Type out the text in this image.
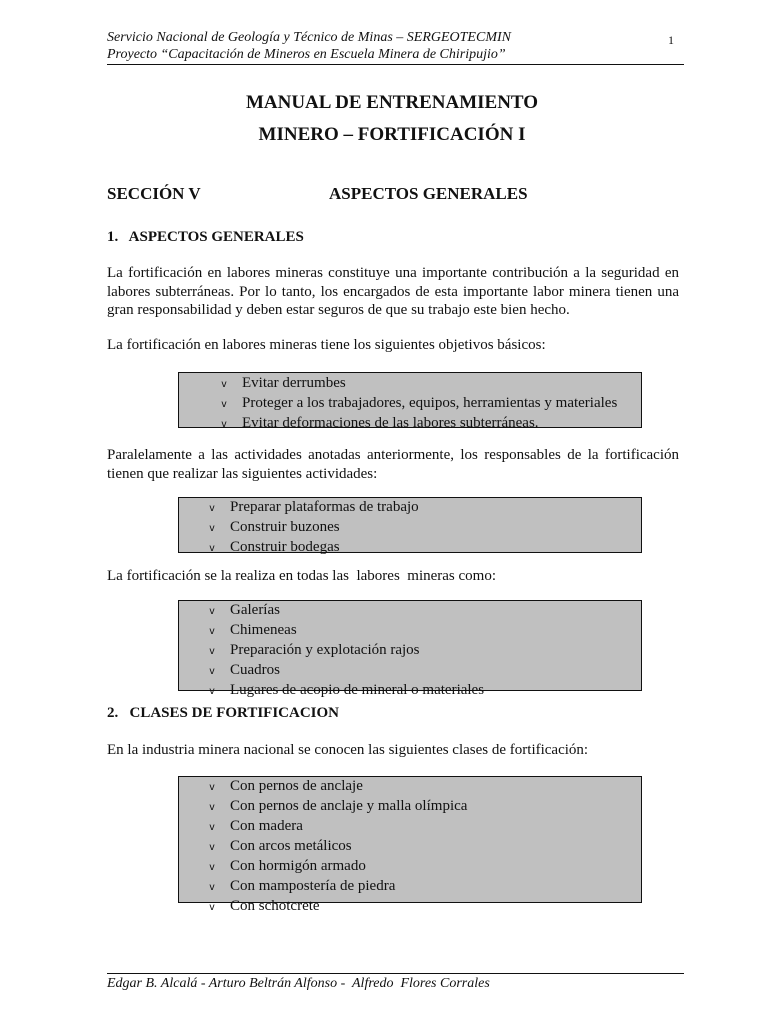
Servicio Nacional de Geología y Técnico de Minas – SERGEOTECMIN	1
Proyecto “Capacitación de Mineros en Escuela Minera de Chiripujio”
MANUAL DE ENTRENAMIENTO
MINERO – FORTIFICACIÓN I
SECCIÓN V	ASPECTOS GENERALES
1.   ASPECTOS GENERALES
La fortificación en labores mineras constituye una importante contribución a la seguridad en labores subterráneas. Por lo tanto, los encargados de esta importante labor minera tienen una gran responsabilidad y deben estar seguros de que su trabajo este bien hecho.
La fortificación en labores mineras tiene los siguientes objetivos básicos:
v Evitar derrumbes
v Proteger a los trabajadores, equipos, herramientas y materiales
v Evitar deformaciones de las labores subterráneas.
Paralelamente a las actividades anotadas anteriormente, los responsables de la fortificación tienen que realizar las siguientes actividades:
v Preparar plataformas de trabajo
v Construir buzones
v Construir bodegas
La fortificación se la realiza en todas las  labores  mineras como:
v Galerías
v Chimeneas
v Preparación y explotación rajos
v Cuadros
v Lugares de acopio de mineral o materiales
2.   CLASES DE FORTIFICACION
En la industria minera nacional se conocen las siguientes clases de fortificación:
v Con pernos de anclaje
v Con pernos de anclaje y malla olímpica
v Con madera
v Con arcos metálicos
v Con hormigón armado
v Con mampostería de piedra
v Con schotcrete
Edgar B. Alcalá - Arturo Beltrán Alfonso -  Alfredo  Flores Corrales
